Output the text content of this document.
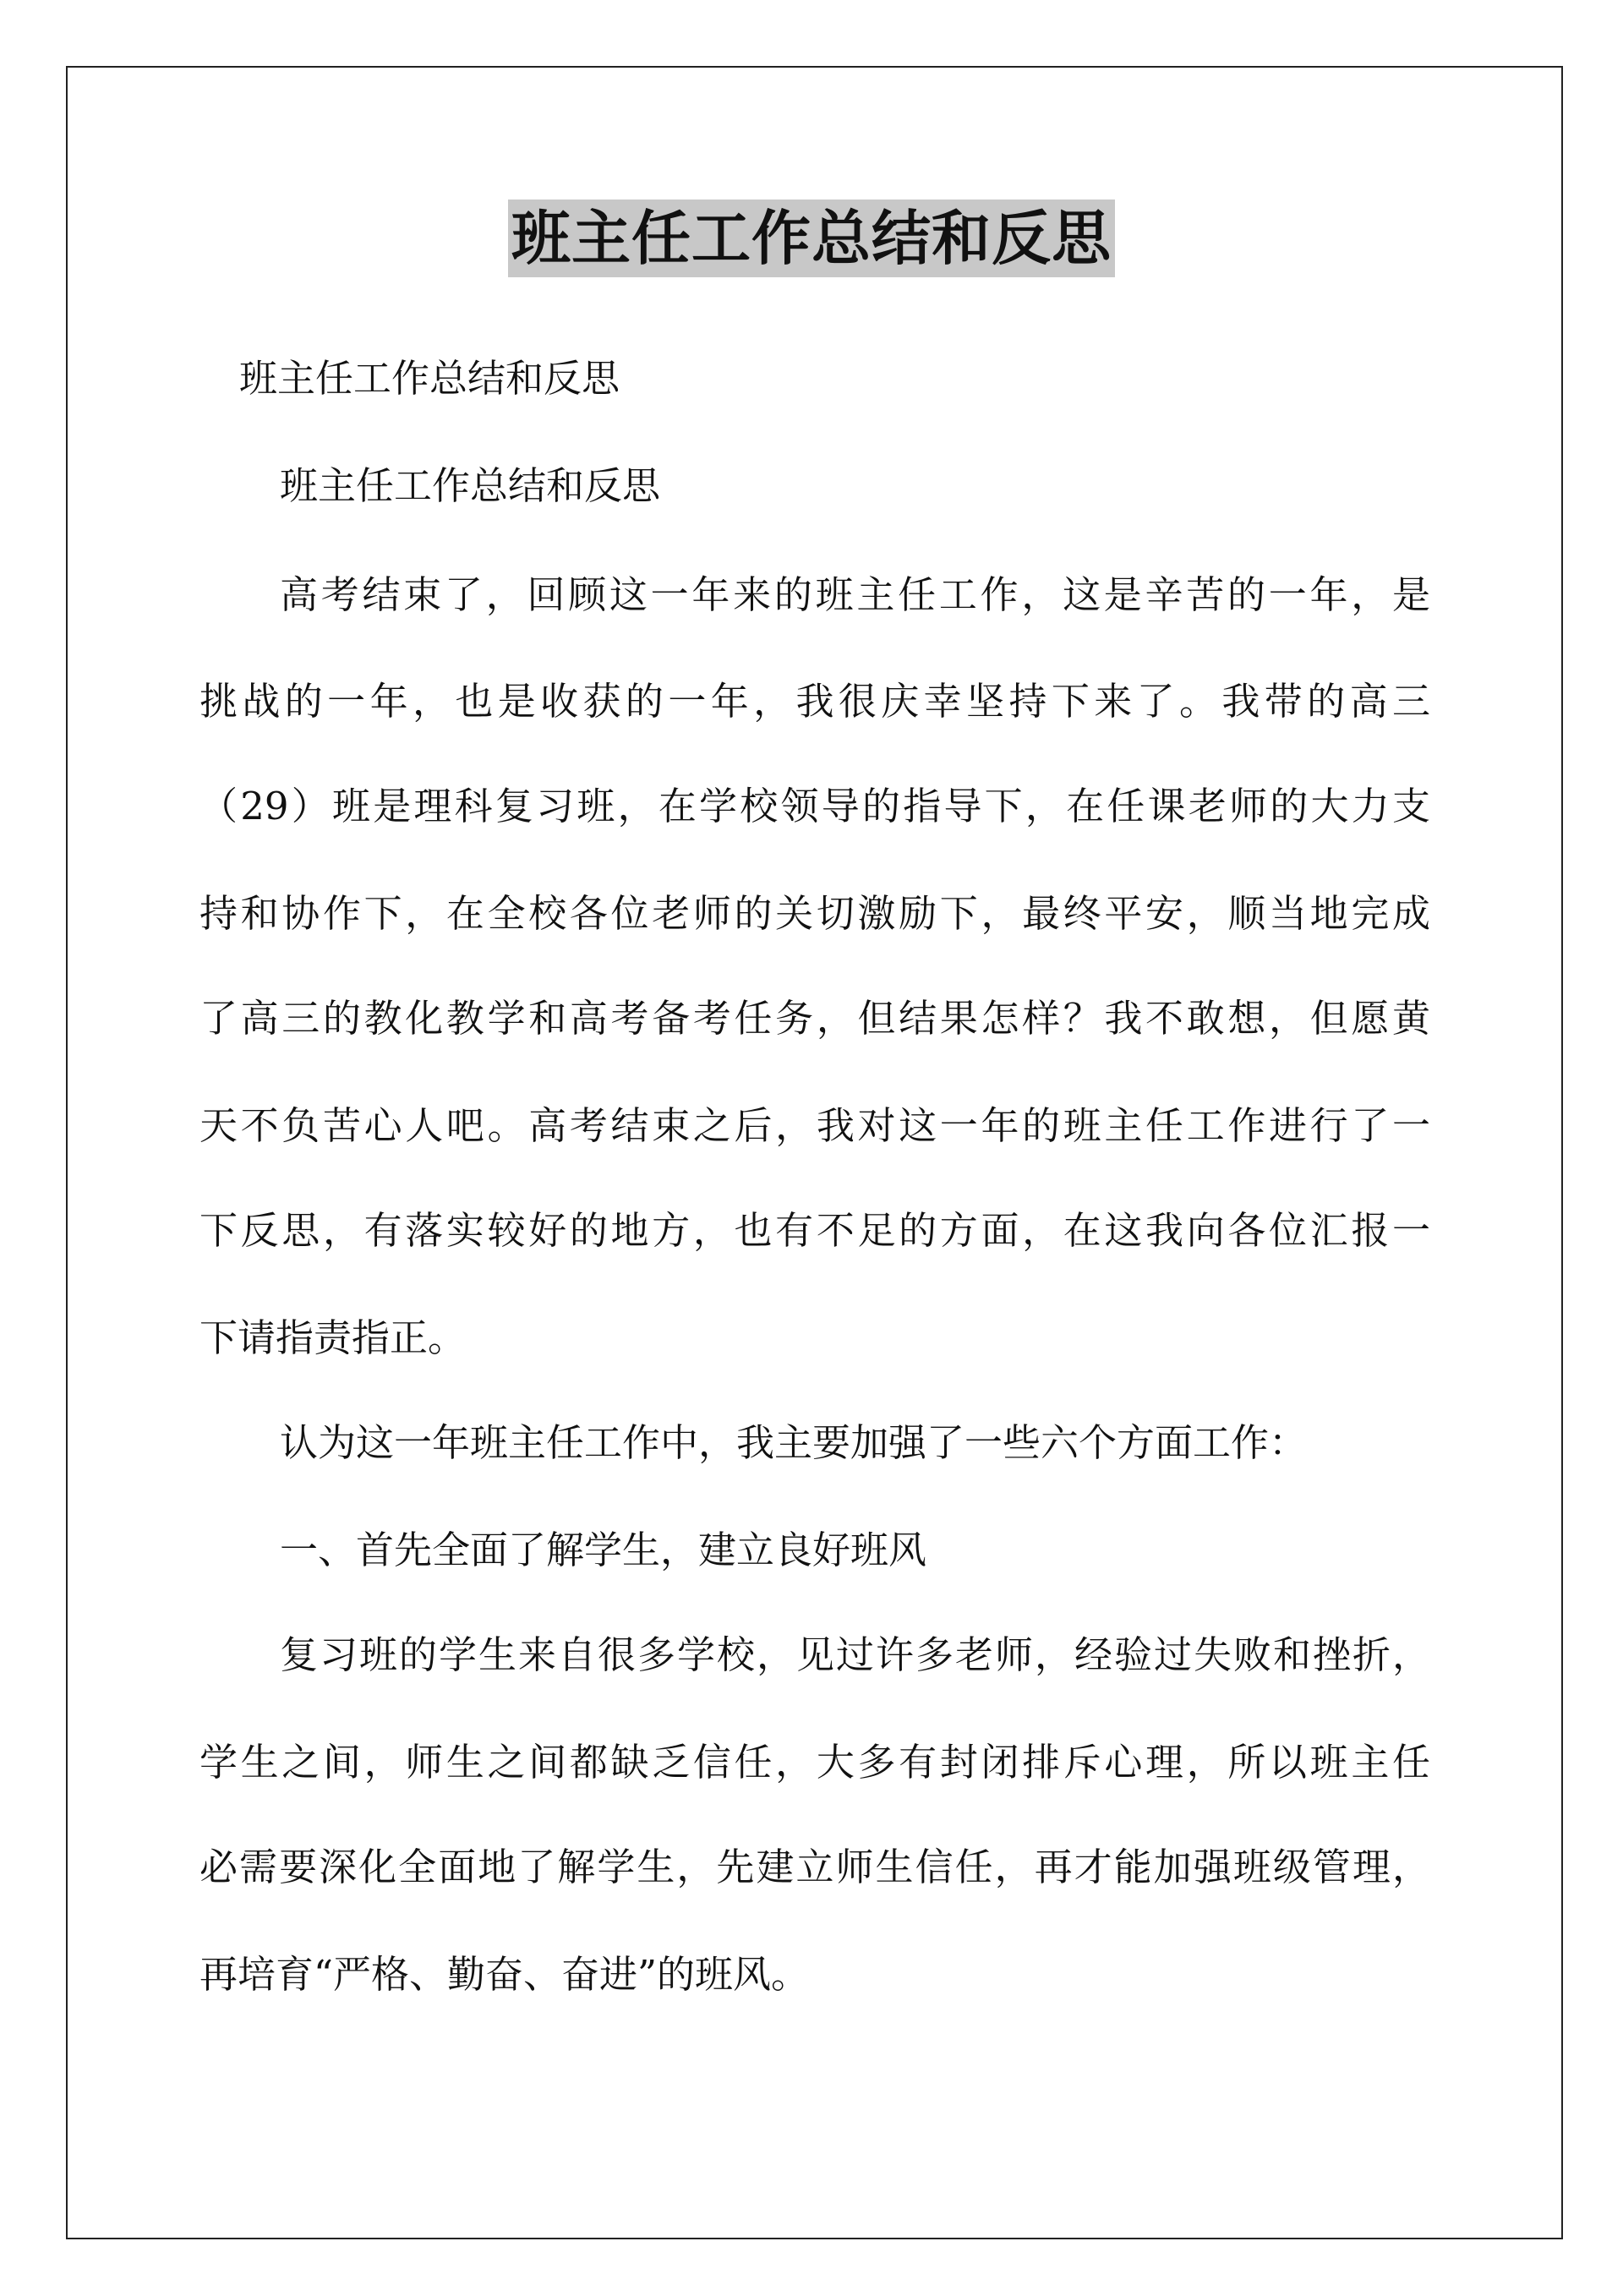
班主任工作总结和反思

班主任工作总结和反思

班主任工作总结和反思

高考结束了，回顾这一年来的班主任工作，这是辛苦的一年，是

挑战的一年，也是收获的一年，我很庆幸坚持下来了。我带的高三

（29）班是理科复习班，在学校领导的指导下，在任课老师的大力支

持和协作下，在全校各位老师的关切激励下，最终平安，顺当地完成

了高三的教化教学和高考备考任务，但结果怎样？我不敢想，但愿黄

天不负苦心人吧。高考结束之后，我对这一年的班主任工作进行了一

下反思，有落实较好的地方，也有不足的方面，在这我向各位汇报一

下请指责指正。

认为这一年班主任工作中，我主要加强了一些六个方面工作：

一、首先全面了解学生，建立良好班风

复习班的学生来自很多学校，见过许多老师，经验过失败和挫折，

学生之间，师生之间都缺乏信任，大多有封闭排斥心理，所以班主任

必需要深化全面地了解学生，先建立师生信任，再才能加强班级管理，

再培育“严格、勤奋、奋进”的班风。
